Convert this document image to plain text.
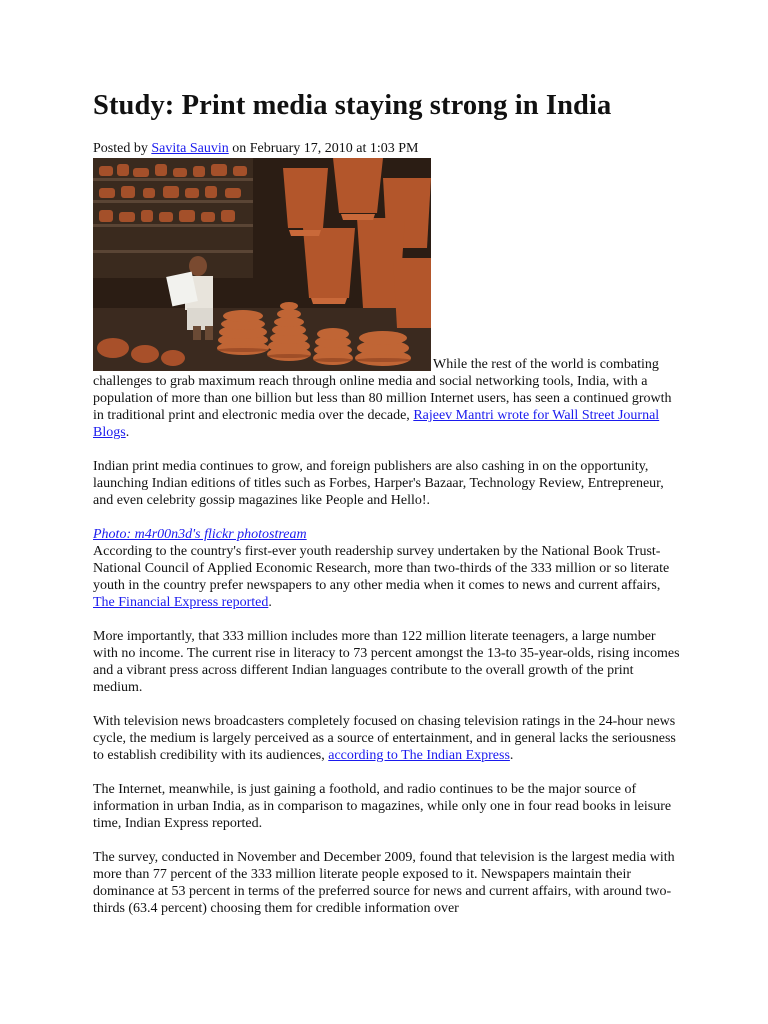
Study: Print media staying strong in India
Posted by Savita Sauvin on February 17, 2010 at 1:03 PM

While the rest of the world is combating challenges to grab maximum reach through online media and social networking tools, India, with a population of more than one billion but less than 80 million Internet users, has seen a continued growth in traditional print and electronic media over the decade, Rajeev Mantri wrote for Wall Street Journal Blogs.

Indian print media continues to grow, and foreign publishers are also cashing in on the opportunity, launching Indian editions of titles such as Forbes, Harper's Bazaar, Technology Review, Entrepreneur, and even celebrity gossip magazines like People and Hello!.

Photo: m4r00n3d's flickr photostream

According to the country's first-ever youth readership survey undertaken by the National Book Trust-National Council of Applied Economic Research, more than two-thirds of the 333 million or so literate youth in the country prefer newspapers to any other media when it comes to news and current affairs, The Financial Express reported.

More importantly, that 333 million includes more than 122 million literate teenagers, a large number with no income. The current rise in literacy to 73 percent amongst the 13-to 35-year-olds, rising incomes and a vibrant press across different Indian languages contribute to the overall growth of the print medium.

With television news broadcasters completely focused on chasing television ratings in the 24-hour news cycle, the medium is largely perceived as a source of entertainment, and in general lacks the seriousness to establish credibility with its audiences, according to The Indian Express.

The Internet, meanwhile, is just gaining a foothold, and radio continues to be the major source of information in urban India, as in comparison to magazines, while only one in four read books in leisure time, Indian Express reported.

The survey, conducted in November and December 2009, found that television is the largest media with more than 77 percent of the 333 million literate people exposed to it. Newspapers maintain their dominance at 53 percent in terms of the preferred source for news and current affairs, with around two-thirds (63.4 percent) choosing them for credible information over
